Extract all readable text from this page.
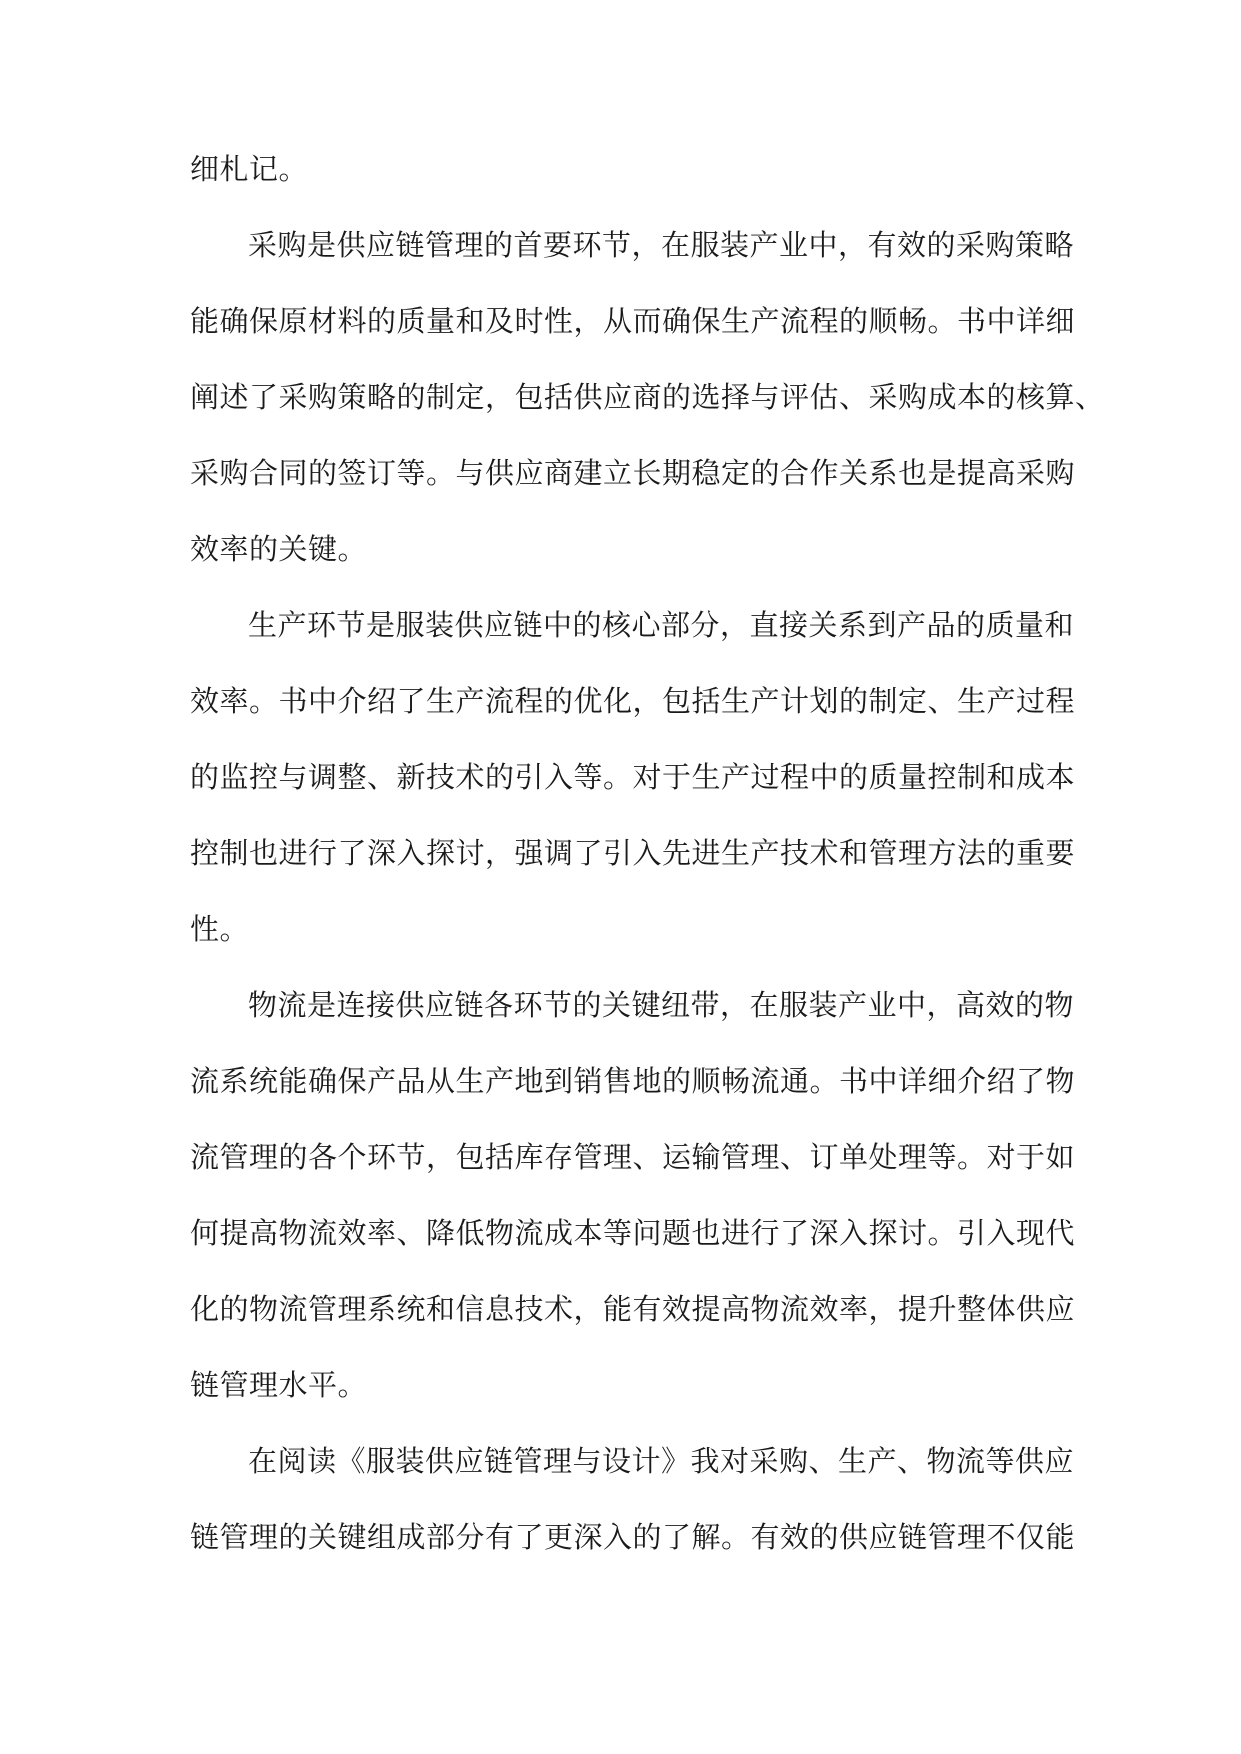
细札记。
采购是供应链管理的首要环节，在服装产业中，有效的采购策略
能确保原材料的质量和及时性，从而确保生产流程的顺畅。书中详细
阐述了采购策略的制定，包括供应商的选择与评估、采购成本的核算、
采购合同的签订等。与供应商建立长期稳定的合作关系也是提高采购
效率的关键。
生产环节是服装供应链中的核心部分，直接关系到产品的质量和
效率。书中介绍了生产流程的优化，包括生产计划的制定、生产过程
的监控与调整、新技术的引入等。对于生产过程中的质量控制和成本
控制也进行了深入探讨，强调了引入先进生产技术和管理方法的重要
性。
物流是连接供应链各环节的关键纽带，在服装产业中，高效的物
流系统能确保产品从生产地到销售地的顺畅流通。书中详细介绍了物
流管理的各个环节，包括库存管理、运输管理、订单处理等。对于如
何提高物流效率、降低物流成本等问题也进行了深入探讨。引入现代
化的物流管理系统和信息技术，能有效提高物流效率，提升整体供应
链管理水平。
在阅读《服装供应链管理与设计》我对采购、生产、物流等供应
链管理的关键组成部分有了更深入的了解。有效的供应链管理不仅能
